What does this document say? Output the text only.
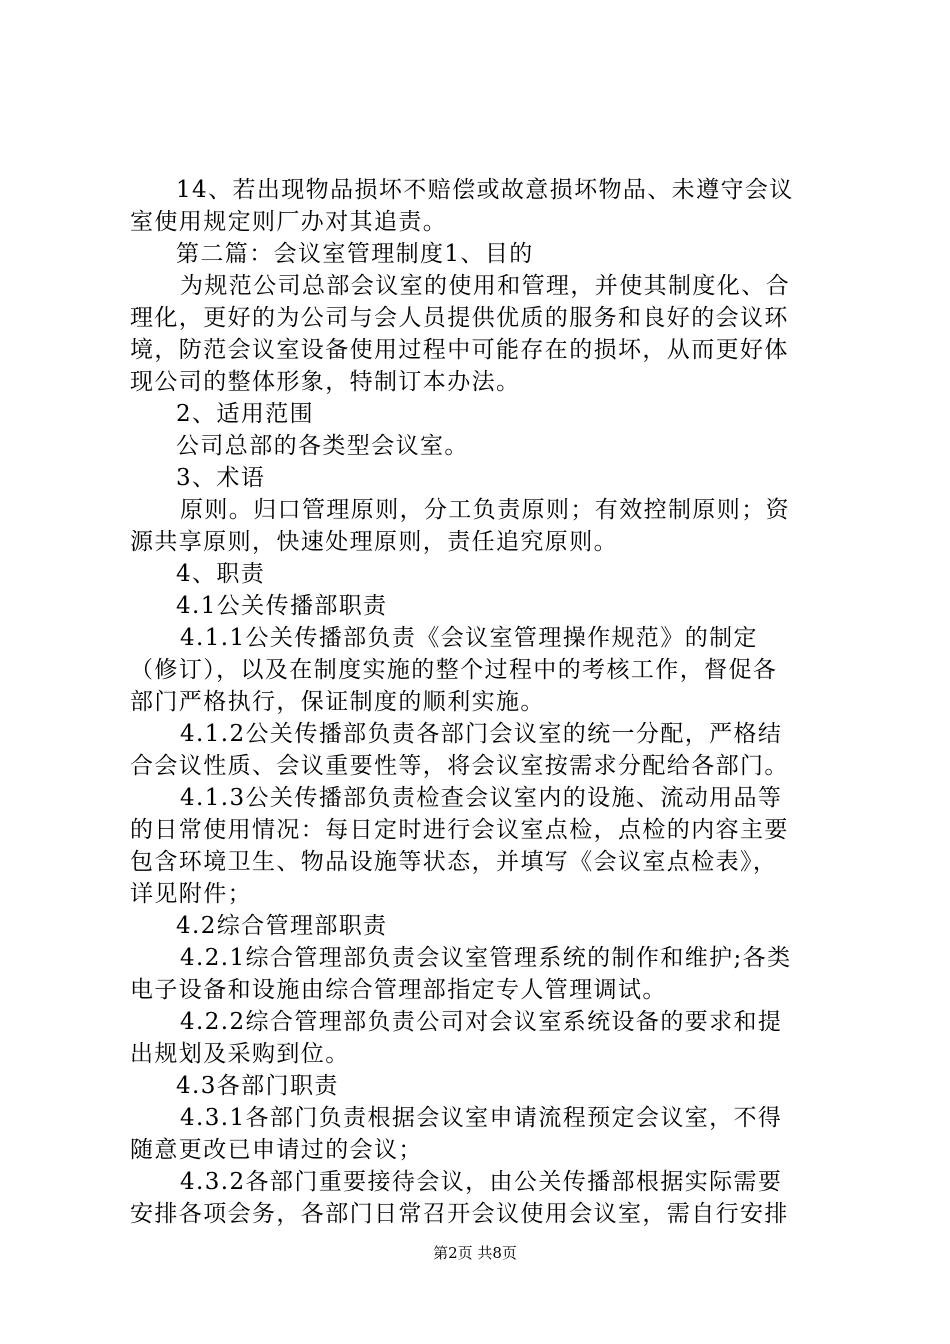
14、若出现物品损坏不赔偿或故意损坏物品、未遵守会议
室使用规定则厂办对其追责。
第二篇：会议室管理制度1、目的
为规范公司总部会议室的使用和管理，并使其制度化、合
理化，更好的为公司与会人员提供优质的服务和良好的会议环
境，防范会议室设备使用过程中可能存在的损坏，从而更好体
现公司的整体形象，特制订本办法。
2、适用范围
公司总部的各类型会议室。
3、术语
原则。归口管理原则，分工负责原则；有效控制原则；资
源共享原则，快速处理原则，责任追究原则。
4、职责
4.1公关传播部职责
4.1.1公关传播部负责《会议室管理操作规范》的制定
（修订），以及在制度实施的整个过程中的考核工作，督促各
部门严格执行，保证制度的顺利实施。
4.1.2公关传播部负责各部门会议室的统一分配，严格结
合会议性质、会议重要性等，将会议室按需求分配给各部门。
4.1.3公关传播部负责检查会议室内的设施、流动用品等
的日常使用情况：每日定时进行会议室点检，点检的内容主要
包含环境卫生、物品设施等状态，并填写《会议室点检表》，
详见附件；
4.2综合管理部职责
4.2.1综合管理部负责会议室管理系统的制作和维护;各类
电子设备和设施由综合管理部指定专人管理调试。
4.2.2综合管理部负责公司对会议室系统设备的要求和提
出规划及采购到位。
4.3各部门职责
4.3.1各部门负责根据会议室申请流程预定会议室，不得
随意更改已申请过的会议；
4.3.2各部门重要接待会议，由公关传播部根据实际需要
安排各项会务，各部门日常召开会议使用会议室，需自行安排
第2页 共8页
